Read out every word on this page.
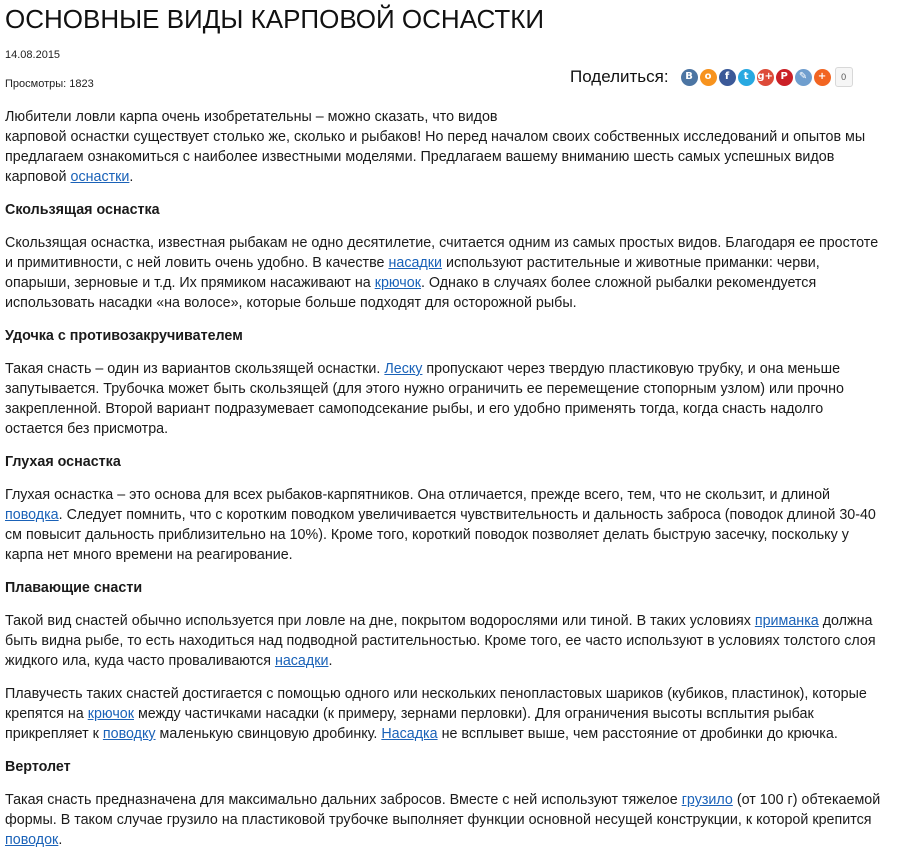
ОСНОВНЫЕ ВИДЫ КАРПОВОЙ ОСНАСТКИ
14.08.2015
Просмотры: 1823	Поделиться:	В	о	f	t g+ P	✎	+	0

Любители ловли карпа очень изобретательны – можно сказать, что видов
карповой оснастки существует столько же, сколько и рыбаков! Но перед началом своих собственных исследований и опытов мы предлагаем ознакомиться с наиболее известными моделями. Предлагаем вашему вниманию шесть самых успешных видов карповой оснастки.

Скользящая оснастка

Скользящая оснастка, известная рыбакам не одно десятилетие, считается одним из самых простых видов. Благодаря ее простоте и примитивности, с ней ловить очень удобно. В качестве насадки используют растительные и животные приманки: черви, опарыши, зерновые и т.д. Их прямиком насаживают на крючок. Однако в случаях более сложной рыбалки рекомендуется использовать насадки «на волосе», которые больше подходят для осторожной рыбы.

Удочка с противозакручивателем

Такая снасть – один из вариантов скользящей оснастки. Леску пропускают через твердую пластиковую трубку, и она меньше запутывается. Трубочка может быть скользящей (для этого нужно ограничить ее перемещение стопорным узлом) или прочно закрепленной. Второй вариант подразумевает самоподсекание рыбы, и его удобно применять тогда, когда снасть надолго остается без присмотра.

Глухая оснастка

Глухая оснастка – это основа для всех рыбаков-карпятников. Она отличается, прежде всего, тем, что не скользит, и длиной поводка. Следует помнить, что с коротким поводком увеличивается чувствительность и дальность заброса (поводок длиной 30-40 см повысит дальность приблизительно на 10%). Кроме того, короткий поводок позволяет делать быструю засечку, поскольку у карпа нет много времени на реагирование.

Плавающие снасти

Такой вид снастей обычно используется при ловле на дне, покрытом водорослями или тиной. В таких условиях приманка должна быть видна рыбе, то есть находиться над подводной растительностью. Кроме того, ее часто используют в условиях толстого слоя жидкого ила, куда часто проваливаются насадки.

Плавучесть таких снастей достигается с помощью одного или нескольких пенопластовых шариков (кубиков, пластинок), которые крепятся на крючок между частичками насадки (к примеру, зернами перловки). Для ограничения высоты всплытия рыбак прикрепляет к поводку маленькую свинцовую дробинку. Насадка не всплывет выше, чем расстояние от дробинки до крючка.

Вертолет

Такая снасть предназначена для максимально дальних забросов. Вместе с ней используют тяжелое грузило (от 100 г) обтекаемой формы. В таком случае грузило на пластиковой трубочке выполняет функции основной несущей конструкции, к которой крепится поводок.
